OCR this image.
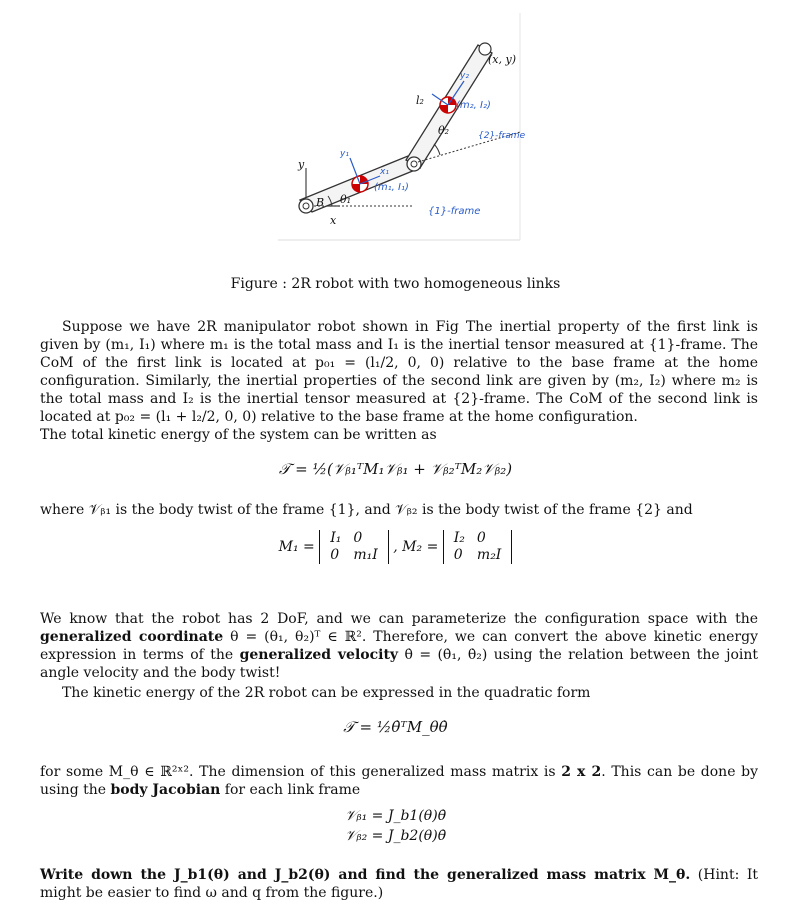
(x, y)
(m₂, I₂)
l₂
θ₂	{2}-frame
(m₁, I₁)
θ₁
{1}-frame
B
x
y
y₁
x₁
y₂
Figure : 2R robot with two homogeneous links
Suppose we have 2R manipulator robot shown in Fig The inertial property of the first link is given by (m₁, I₁) where m₁ is the total mass and I₁ is the inertial tensor measured at {1}-frame. The CoM of the first link is located at p₀₁ = (l₁/2, 0, 0) relative to the base frame at the home configuration. Similarly, the inertial properties of the second link are given by (m₂, I₂) where m₂ is the total mass and I₂ is the inertial tensor measured at {2}-frame. The CoM of the second link is located at p₀₂ = (l₁ + l₂/2, 0, 0) relative to the base frame at the home configuration.
The total kinetic energy of the system can be written as
𝒯 = ½(𝒱ᵦ₁ᵀM₁𝒱ᵦ₁ + 𝒱ᵦ₂ᵀM₂𝒱ᵦ₂)
where 𝒱ᵦ₁ is the body twist of the frame {1}, and 𝒱ᵦ₂ is the body twist of the frame {2} and
M₁ =
I₁	0
0	m₁I , M₂ =
I₂	0
0	m₂I
We know that the robot has 2 DoF, and we can parameterize the configuration space with the generalized coordinate θ = (θ₁, θ₂)ᵀ ∈ ℝ². Therefore, we can convert the above kinetic energy expression in terms of the generalized velocity θ̇ = (θ̇₁, θ̇₂) using the relation between the joint angle velocity and the body twist!
The kinetic energy of the 2R robot can be expressed in the quadratic form
𝒯 = ½θ̇ᵀM_θθ̇
for some M_θ ∈ ℝ²ˣ². The dimension of this generalized mass matrix is 2 x 2. This can be done by using the body Jacobian for each link frame
𝒱ᵦ₁ = J_b1(θ)θ̇
𝒱ᵦ₂ = J_b2(θ)θ̇
Write down the J_b1(θ) and J_b2(θ) and find the generalized mass matrix M_θ. (Hint: It might be easier to find ω and q from the figure.)
